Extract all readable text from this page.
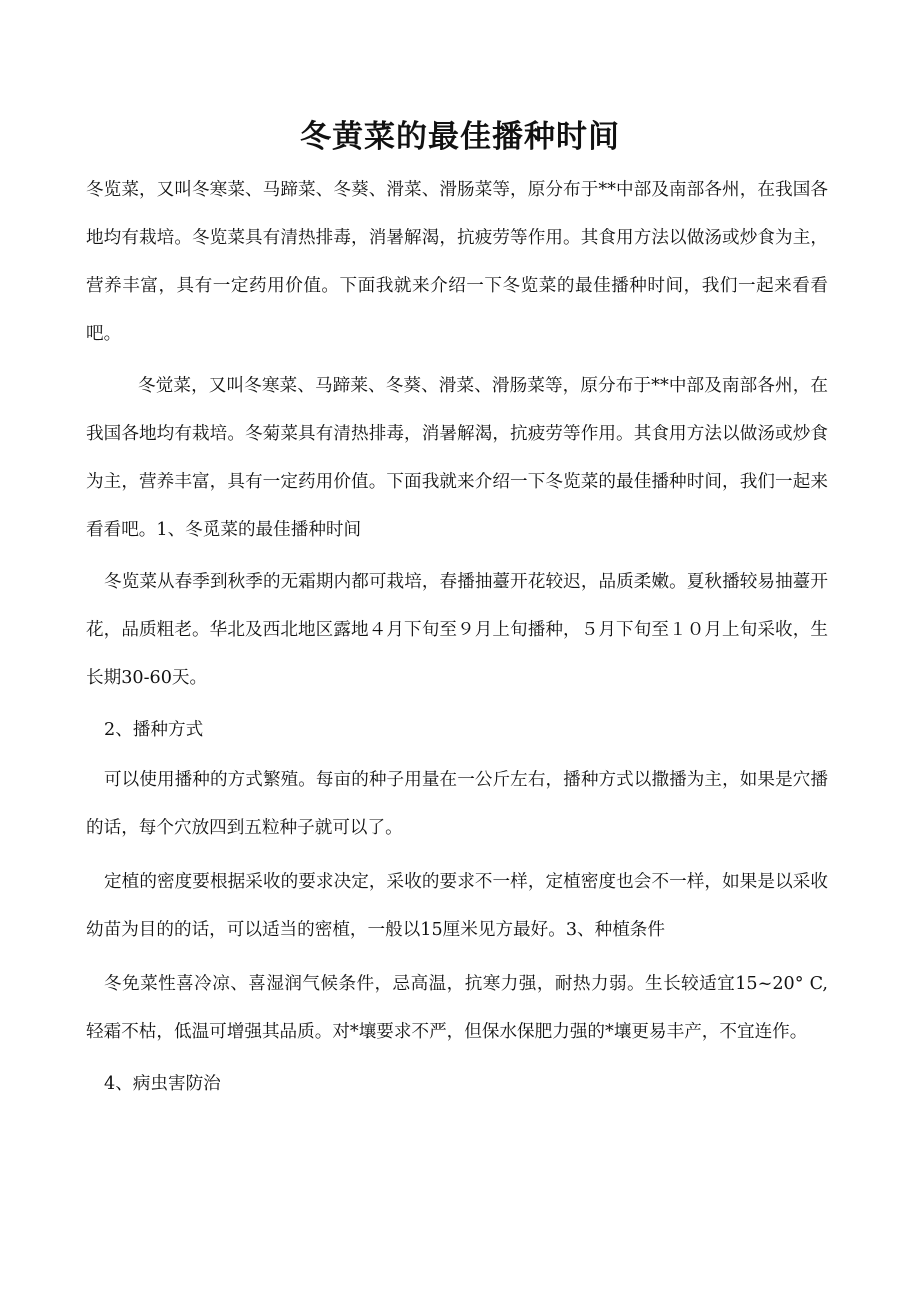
冬黄菜的最佳播种时间

冬览菜，又叫冬寒菜、马蹄菜、冬葵、滑菜、滑肠菜等，原分布于**中部及南部各州，在我国各地均有栽培。冬览菜具有清热排毒，消暑解渴，抗疲劳等作用。其食用方法以做汤或炒食为主，营养丰富，具有一定药用价值。下面我就来介绍一下冬览菜的最佳播种时间，我们一起来看看吧。

冬觉菜，又叫冬寒菜、马蹄莱、冬葵、滑菜、滑肠菜等，原分布于**中部及南部各州，在我国各地均有栽培。冬菊菜具有清热排毒，消暑解渴，抗疲劳等作用。其食用方法以做汤或炒食为主，营养丰富，具有一定药用价值。下面我就来介绍一下冬览菜的最佳播种时间，我们一起来看看吧。1、冬觅菜的最佳播种时间

冬览菜从春季到秋季的无霜期内都可栽培，春播抽薹开花较迟，品质柔嫩。夏秋播较易抽薹开花，品质粗老。华北及西北地区露地４月下旬至９月上旬播种，５月下旬至１０月上旬采收，生长期30-60天。

2、播种方式

可以使用播种的方式繁殖。每亩的种子用量在一公斤左右，播种方式以撒播为主，如果是穴播的话，每个穴放四到五粒种子就可以了。

定植的密度要根据采收的要求决定，采收的要求不一样，定植密度也会不一样，如果是以采收幼苗为目的的话，可以适当的密植，一般以15厘米见方最好。3、种植条件

冬免菜性喜冷凉、喜湿润气候条件，忌高温，抗寒力强，耐热力弱。生长较适宜15~20° C,轻霜不枯，低温可增强其品质。对*壤要求不严，但保水保肥力强的*壤更易丰产，不宜连作。

4、病虫害防治
